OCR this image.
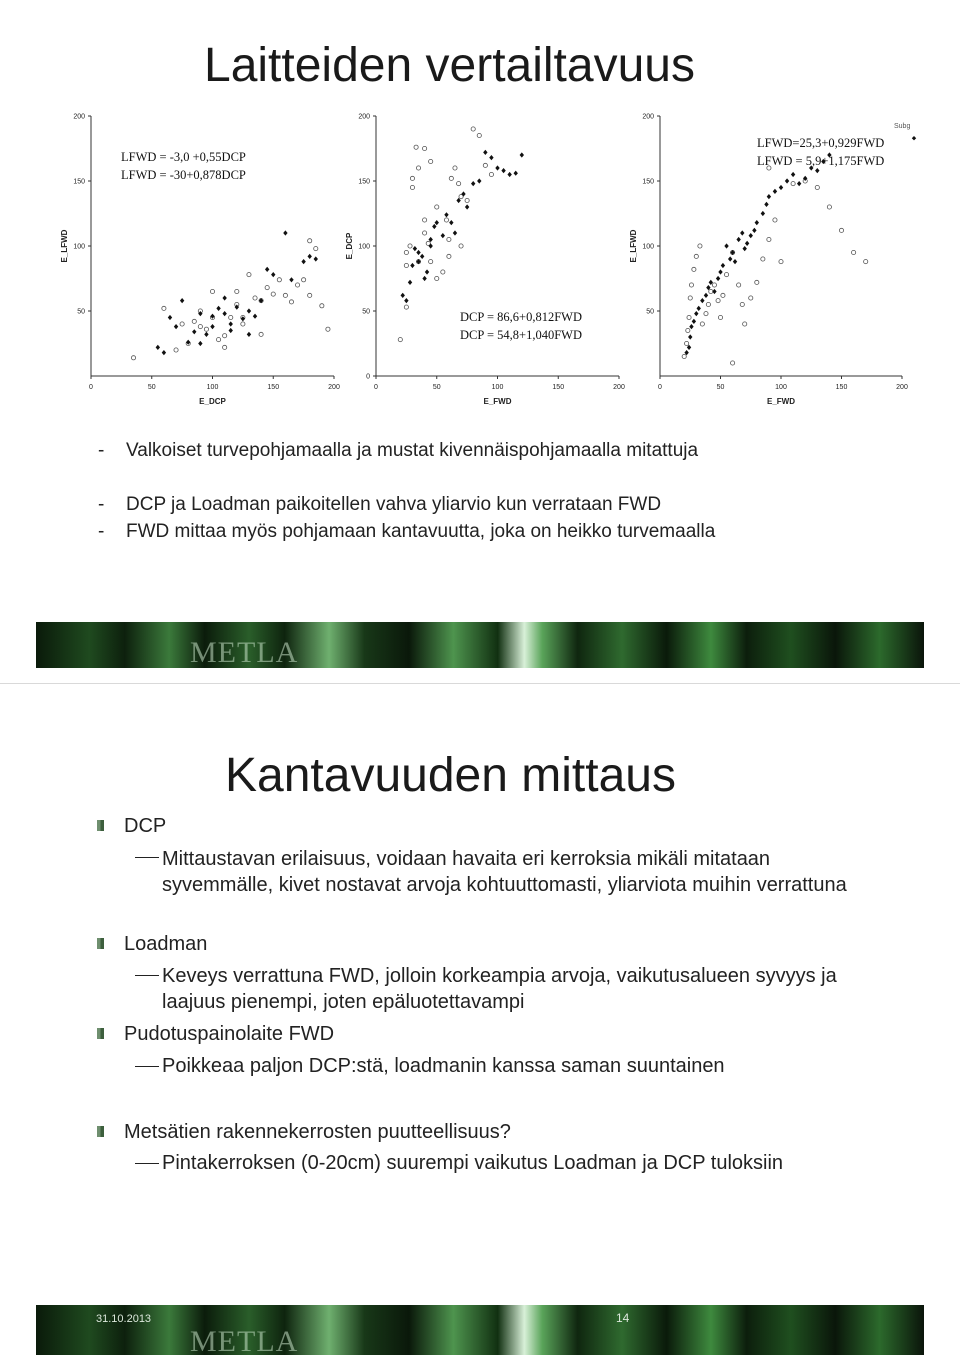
Laitteiden vertailtavuus
0	50	100	150	200
50
100
150
200
E_DCP
E_LFWD
0	50	100	150	200
0
50
100
150
200
E_FWD
E_DCP
0	50	100	150	200
50
100
150
200
E_FWD
E_LFWD
Subg
LFWD = -3,0 +0,55DCP
LFWD = -30+0,878DCP
DCP = 86,6+0,812FWD
DCP = 54,8+1,040FWD
LFWD=25,3+0,929FWD
LFWD = 5,9+1,175FWD
- Valkoiset turvepohjamaalla ja mustat kivennäispohjamaalla mitattuja
- DCP ja Loadman paikoitellen vahva yliarvio kun verrataan FWD
- FWD mittaa myös pohjamaan kantavuutta, joka on heikko turvemaalla
METLA
Kantavuuden mittaus
DCP
Mittaustavan erilaisuus, voidaan havaita eri kerroksia mikäli mitataan syvemmälle, kivet nostavat arvoja kohtuuttomasti, yliarviota muihin verrattuna
Loadman
Keveys verrattuna FWD, jolloin korkeampia arvoja, vaikutusalueen syvyys ja laajuus pienempi, joten epäluotettavampi
Pudotuspainolaite FWD
Poikkeaa paljon DCP:stä, loadmanin kanssa saman suuntainen
Metsätien rakennekerrosten puutteellisuus?
Pintakerroksen (0-20cm) suurempi vaikutus Loadman ja DCP tuloksiin
31.10.2013	14
METLA
